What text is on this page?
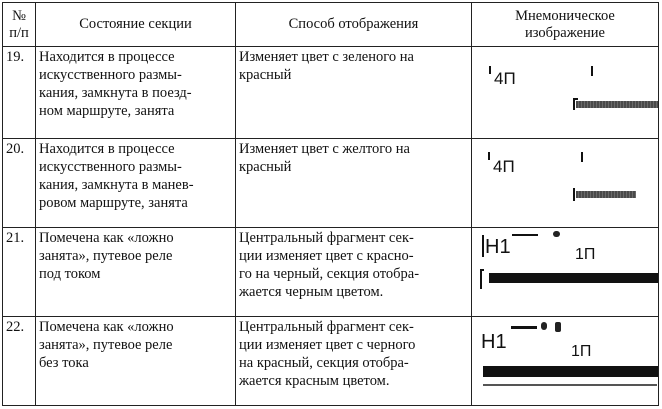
№
п/п	Состояние секции	Способ отображения	Мнемоническое
изображение
19.	Находится в процессе
искусственного размы-
кания, замкнута в поезд-
ном маршруте, занята	Изменяет цвет с зеленого на
красный	4П

20.	Находится в процессе
искусственного размы-
кания, замкнута в манев-
ровом маршруте, занята	Изменяет цвет с желтого на
красный	4П

21.	Помечена как «ложно
занята», путевое реле
под током	Центральный фрагмент сек-
ции изменяет цвет с красно-
го на черный, секция отобра-
жается черным цветом.	Н1 1П

22.	Помечена как «ложно
занята», путевое реле
без тока	Центральный фрагмент сек-
ции изменяет цвет с черного
на красный, секция отобра-
жается красным цветом.	Н1 1П
